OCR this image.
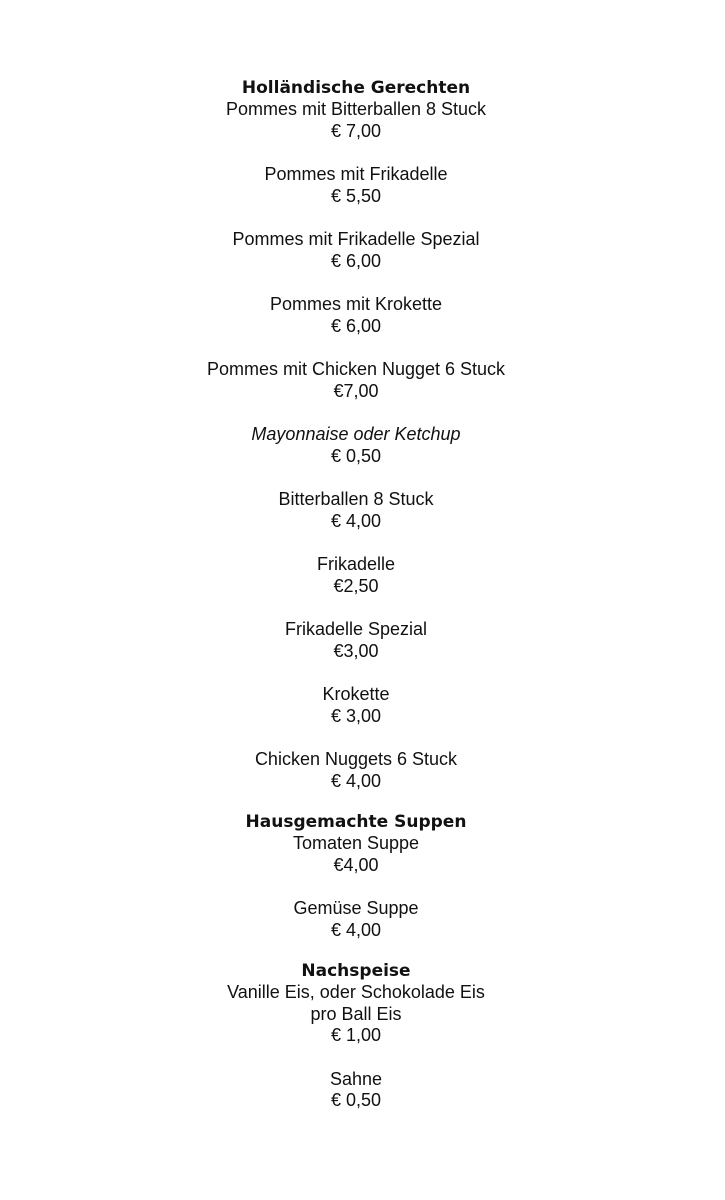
Holländische Gerechten
Pommes mit Bitterballen 8 Stuck
€ 7,00
Pommes mit Frikadelle
€ 5,50
Pommes mit Frikadelle Spezial
€ 6,00
Pommes mit Krokette
€ 6,00
Pommes mit Chicken Nugget 6 Stuck
€7,00
Mayonnaise oder Ketchup
€ 0,50
Bitterballen 8 Stuck
€ 4,00
Frikadelle
€2,50
Frikadelle Spezial
€3,00
Krokette
€ 3,00
Chicken Nuggets 6 Stuck
€ 4,00
Hausgemachte Suppen
Tomaten Suppe
€4,00
Gemüse Suppe
€ 4,00
Nachspeise
Vanille Eis, oder Schokolade Eis
pro Ball Eis
€ 1,00
Sahne
€ 0,50
